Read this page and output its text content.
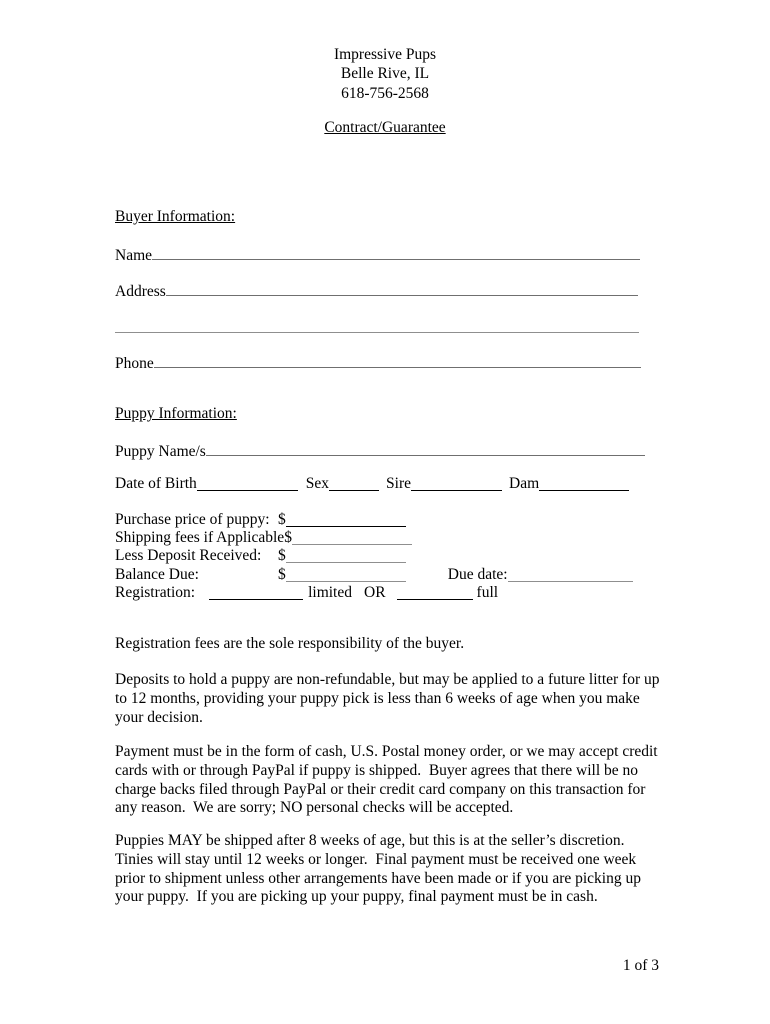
Impressive Pups
Belle Rive, IL
618-756-2568
Contract/Guarantee
Buyer Information:
Name
Address
Phone
Puppy Information:
Puppy Name/s
Date of Birth	Sex	Sire	Dam
Purchase price of puppy: $
Shipping fees if Applicable$
Less Deposit Received: $
Balance Due:	$	Due date:
Registration:	limited OR	full
Registration fees are the sole responsibility of the buyer.
Deposits to hold a puppy are non-refundable, but may be applied to a future litter for up to 12 months, providing your puppy pick is less than 6 weeks of age when you make your decision.
Payment must be in the form of cash, U.S. Postal money order, or we may accept credit cards with or through PayPal if puppy is shipped.  Buyer agrees that there will be no charge backs filed through PayPal or their credit card company on this transaction for any reason.  We are sorry; NO personal checks will be accepted.
Puppies MAY be shipped after 8 weeks of age, but this is at the seller’s discretion.  Tinies will stay until 12 weeks or longer.  Final payment must be received one week prior to shipment unless other arrangements have been made or if you are picking up your puppy.  If you are picking up your puppy, final payment must be in cash.
1 of 3
